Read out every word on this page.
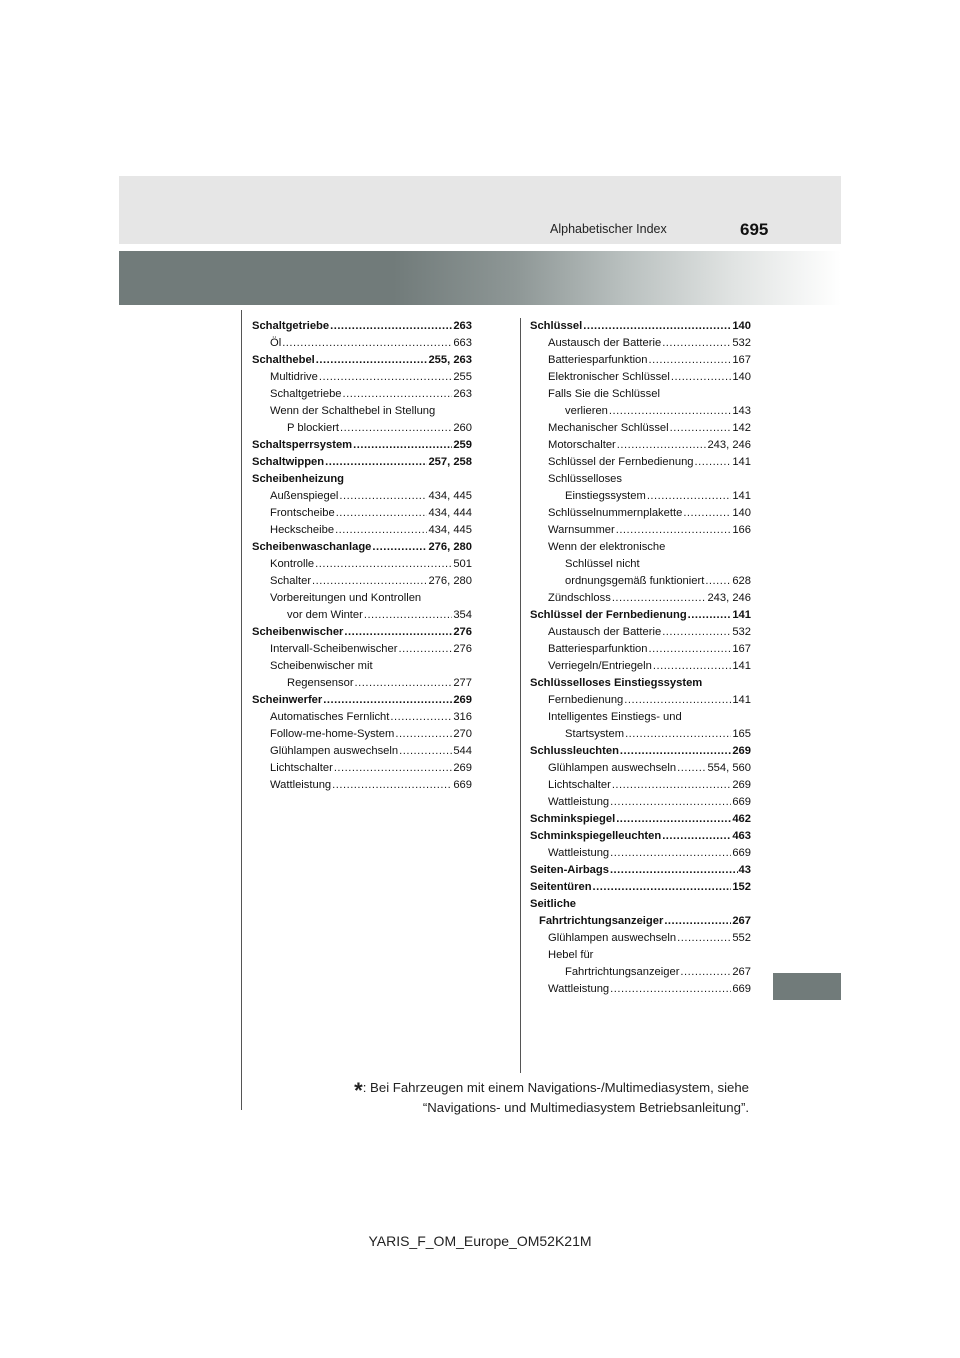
Alphabetischer Index	695
Schaltgetriebe .....	263
Öl .....	663
Schalthebel .....	255, 263
Multidrive .....	255
Schaltgetriebe .....	263
Wenn der Schalthebel in Stellung
P blockiert .....	260
Schaltsperrsystem .....	259
Schaltwippen .....	257, 258
Scheibenheizung
Außenspiegel .....	434, 445
Frontscheibe .....	434, 444
Heckscheibe .....	434, 445
Scheibenwaschanlage .....	276, 280
Kontrolle .....	501
Schalter .....	276, 280
Vorbereitungen und Kontrollen
vor dem Winter .....	354
Scheibenwischer .....	276
Intervall-Scheibenwischer .....	276
Scheibenwischer mit
Regensensor .....	277
Scheinwerfer .....	269
Automatisches Fernlicht .....	316
Follow-me-home-System .....	270
Glühlampen auswechseln .....	544
Lichtschalter .....	269
Wattleistung .....	669
Schlüssel .....	140
Austausch der Batterie .....	532
Batteriesparfunktion .....	167
Elektronischer Schlüssel .....	140
Falls Sie die Schlüssel
verlieren .....	143
Mechanischer Schlüssel .....	142
Motorschalter .....	243, 246
Schlüssel der Fernbedienung .....	141
Schlüsselloses
Einstiegssystem .....	141
Schlüsselnummernplakette .....	140
Warnsummer .....	166
Wenn der elektronische
Schlüssel nicht
ordnungsgemäß funktioniert .....	628
Zündschloss .....	243, 246
Schlüssel der Fernbedienung .....	141
Austausch der Batterie .....	532
Batteriesparfunktion .....	167
Verriegeln/Entriegeln .....	141
Schlüsselloses Einstiegssystem
Fernbedienung .....	141
Intelligentes Einstiegs- und
Startsystem .....	165
Schlussleuchten .....	269
Glühlampen auswechseln .....	554, 560
Lichtschalter .....	269
Wattleistung .....	669
Schminkspiegel .....	462
Schminkspiegelleuchten .....	463
Wattleistung .....	669
Seiten-Airbags .....	43
Seitentüren .....	152
Seitliche
Fahrtrichtungsanzeiger .....	267
Glühlampen auswechseln .....	552
Hebel für
Fahrtrichtungsanzeiger .....	267
Wattleistung .....	669
*: Bei Fahrzeugen mit einem Navigations-/Multimediasystem, siehe
“Navigations- und Multimediasystem Betriebsanleitung”.
YARIS_F_OM_Europe_OM52K21M
